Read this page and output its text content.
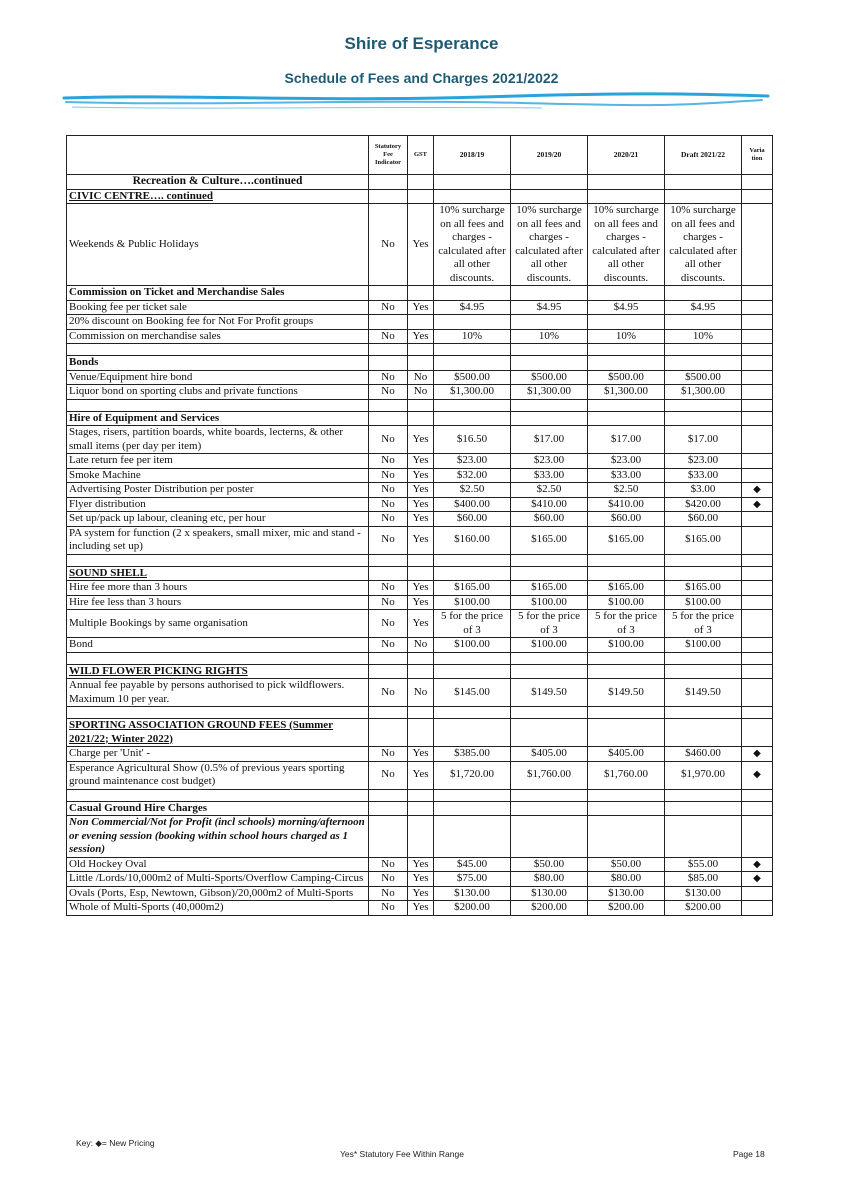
Shire of Esperance
Schedule of Fees and Charges 2021/2022
	Statutory Fee Indicator	GST	2018/19	2019/20	2020/21	Draft 2021/22	Varia tion
Recreation & Culture….continued							
CIVIC CENTRE…. continued							
Weekends & Public Holidays	No	Yes	10% surcharge on all fees and charges - calculated after all other discounts.	10% surcharge on all fees and charges - calculated after all other discounts.	10% surcharge on all fees and charges - calculated after all other discounts.	10% surcharge on all fees and charges - calculated after all other discounts.	
Commission on Ticket and Merchandise Sales							
Booking fee per ticket sale	No	Yes	$4.95	$4.95	$4.95	$4.95	
20% discount on Booking fee for Not For Profit groups							
Commission on merchandise sales	No	Yes	10%	10%	10%	10%	

Bonds							
Venue/Equipment hire bond	No	No	$500.00	$500.00	$500.00	$500.00	
Liquor bond on sporting clubs and private functions	No	No	$1,300.00	$1,300.00	$1,300.00	$1,300.00	

Hire of Equipment and Services							
Stages, risers, partition boards, white boards, lecterns, & other small items (per day per item)	No	Yes	$16.50	$17.00	$17.00	$17.00	
Late return fee per item	No	Yes	$23.00	$23.00	$23.00	$23.00	
Smoke Machine	No	Yes	$32.00	$33.00	$33.00	$33.00	
Advertising Poster Distribution per poster	No	Yes	$2.50	$2.50	$2.50	$3.00	◆
Flyer distribution	No	Yes	$400.00	$410.00	$410.00	$420.00	◆
Set up/pack up labour, cleaning etc, per hour	No	Yes	$60.00	$60.00	$60.00	$60.00	
PA system for function (2 x speakers, small mixer, mic and stand - including set up)	No	Yes	$160.00	$165.00	$165.00	$165.00	

SOUND SHELL							
Hire fee more than 3 hours	No	Yes	$165.00	$165.00	$165.00	$165.00	
Hire fee less than 3 hours	No	Yes	$100.00	$100.00	$100.00	$100.00	
Multiple Bookings by same organisation	No	Yes	5 for the price of 3	5 for the price of 3	5 for the price of 3	5 for the price of 3	
Bond	No	No	$100.00	$100.00	$100.00	$100.00	

WILD FLOWER PICKING RIGHTS							
Annual fee payable by persons authorised to pick wildflowers. Maximum 10 per year.	No	No	$145.00	$149.50	$149.50	$149.50	

SPORTING ASSOCIATION GROUND FEES (Summer 2021/22; Winter 2022)							
Charge per 'Unit' -	No	Yes	$385.00	$405.00	$405.00	$460.00	◆
Esperance Agricultural Show (0.5% of previous years sporting ground maintenance cost budget)	No	Yes	$1,720.00	$1,760.00	$1,760.00	$1,970.00	◆

Casual Ground Hire Charges							
Non Commercial/Not for Profit (incl schools) morning/afternoon or evening session (booking within school hours charged as 1 session)							
Old Hockey Oval	No	Yes	$45.00	$50.00	$50.00	$55.00	◆
Little /Lords/10,000m2 of Multi-Sports/Overflow Camping-Circus	No	Yes	$75.00	$80.00	$80.00	$85.00	◆
Ovals (Ports, Esp, Newtown, Gibson)/20,000m2 of Multi-Sports	No	Yes	$130.00	$130.00	$130.00	$130.00	
Whole of Multi-Sports (40,000m2)	No	Yes	$200.00	$200.00	$200.00	$200.00	
Key: ◆= New Pricing
Yes* Statutory Fee Within Range	Page 18
